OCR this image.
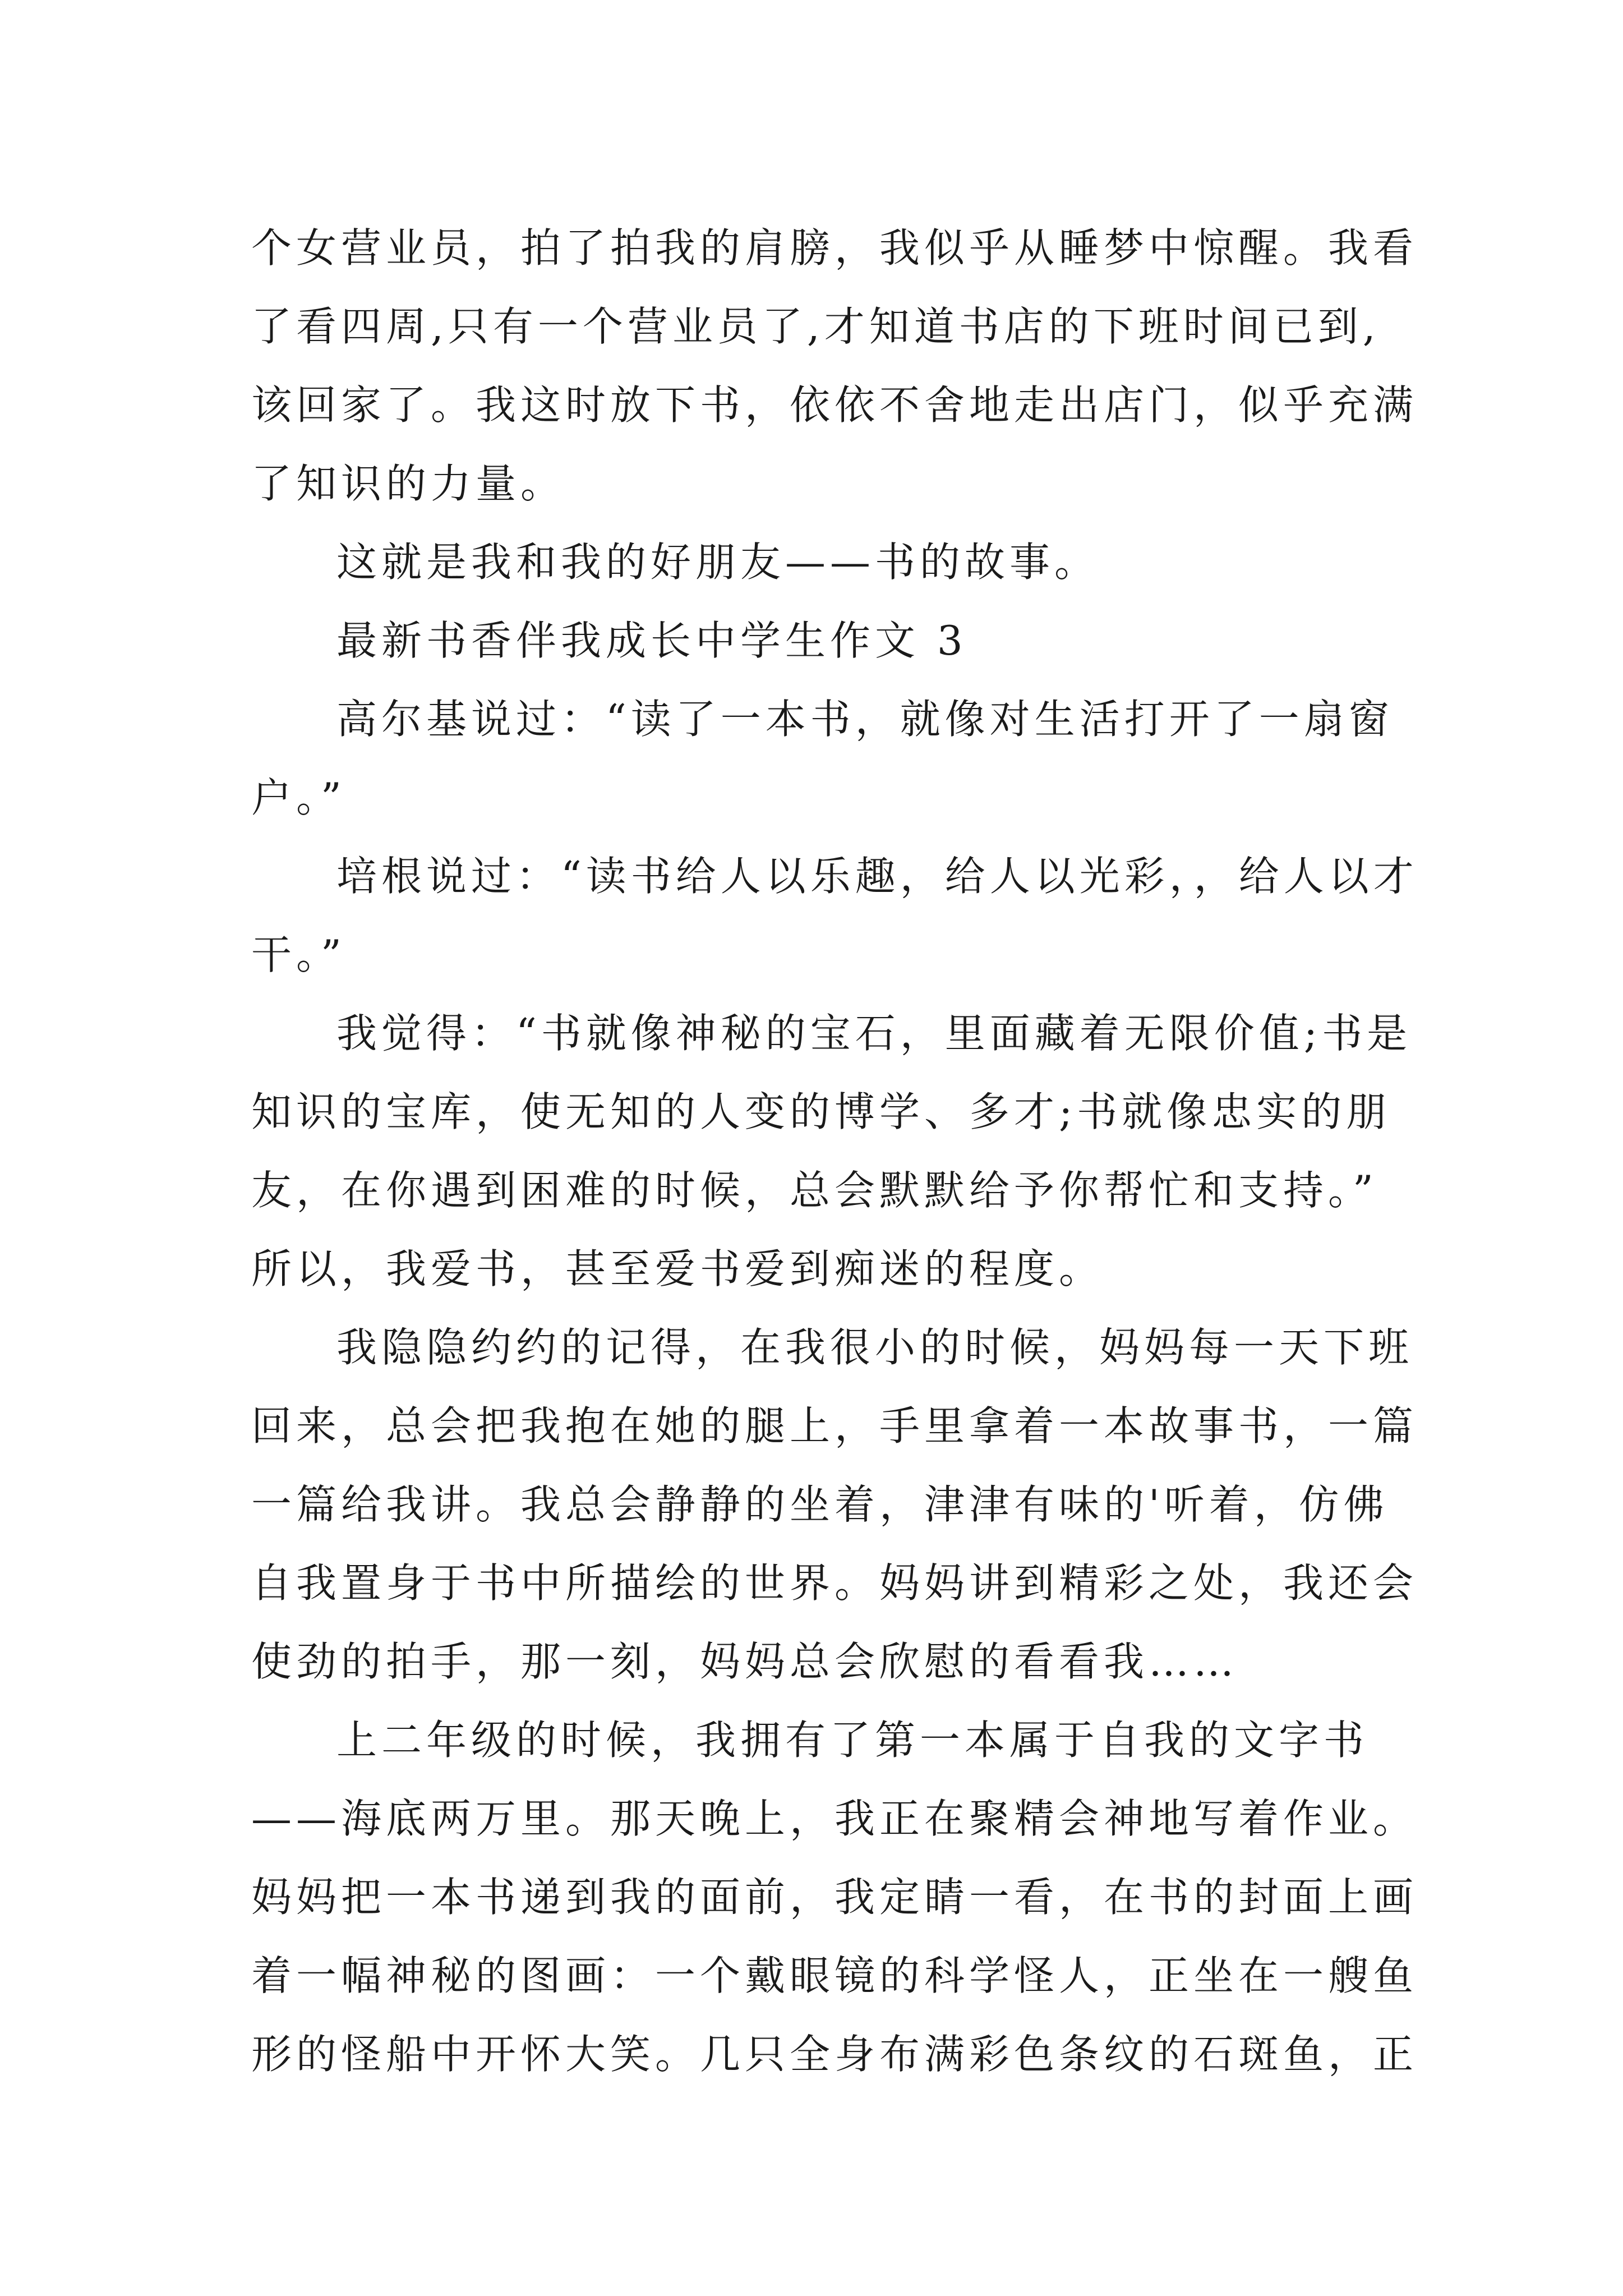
个女营业员，拍了拍我的肩膀，我似乎从睡梦中惊醒。我看
了看四周,只有一个营业员了,才知道书店的下班时间已到,
该回家了。我这时放下书，依依不舍地走出店门，似乎充满
了知识的力量。
这就是我和我的好朋友——书的故事。
最新书香伴我成长中学生作文 3
高尔基说过：“读了一本书，就像对生活打开了一扇窗
户。”
培根说过：“读书给人以乐趣，给人以光彩，，给人以才
干。”
我觉得：“书就像神秘的宝石，里面藏着无限价值;书是
知识的宝库，使无知的人变的博学、多才;书就像忠实的朋
友，在你遇到困难的时候，总会默默给予你帮忙和支持。”
所以，我爱书，甚至爱书爱到痴迷的程度。
我隐隐约约的记得，在我很小的时候，妈妈每一天下班
回来，总会把我抱在她的腿上，手里拿着一本故事书，一篇
一篇给我讲。我总会静静的坐着，津津有味的'听着，仿佛
自我置身于书中所描绘的世界。妈妈讲到精彩之处，我还会
使劲的拍手，那一刻，妈妈总会欣慰的看看我……
上二年级的时候，我拥有了第一本属于自我的文字书
——海底两万里。那天晚上，我正在聚精会神地写着作业。
妈妈把一本书递到我的面前，我定睛一看，在书的封面上画
着一幅神秘的图画：一个戴眼镜的科学怪人，正坐在一艘鱼
形的怪船中开怀大笑。几只全身布满彩色条纹的石斑鱼，正
